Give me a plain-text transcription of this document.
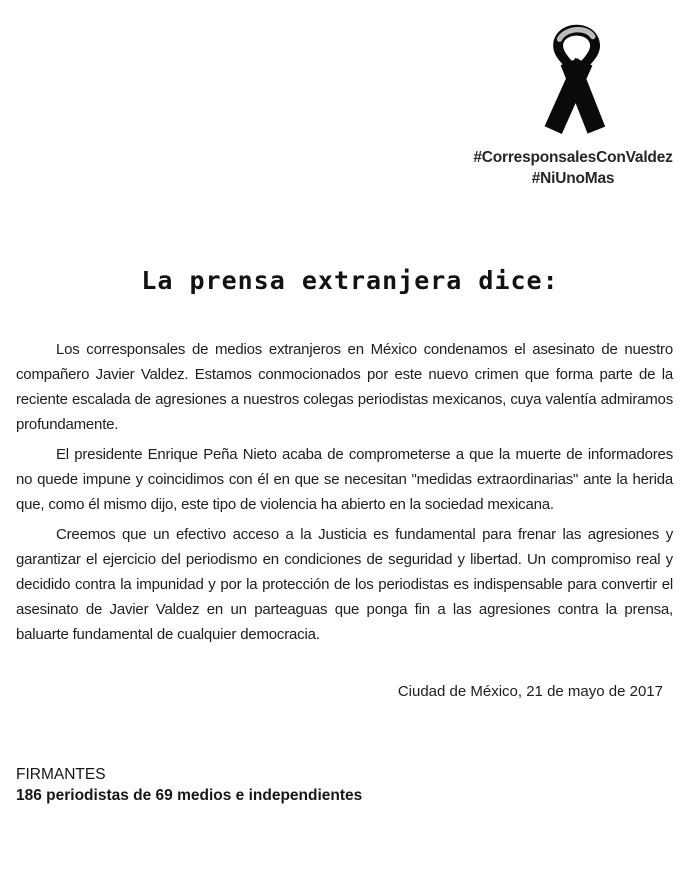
#CorresponsalesConValdez
#NiUnoMas
La prensa extranjera dice:

Los corresponsales de medios extranjeros en México condenamos el asesinato de nuestro compañero Javier Valdez. Estamos conmocionados por este nuevo crimen que forma parte de la reciente escalada de agresiones a nuestros colegas periodistas mexicanos, cuya valentía admiramos profundamente.

El presidente Enrique Peña Nieto acaba de comprometerse a que la muerte de informadores no quede impune y coincidimos con él en que se necesitan "medidas extraordinarias" ante la herida que, como él mismo dijo, este tipo de violencia ha abierto en la sociedad mexicana.

Creemos que un efectivo acceso a la Justicia es fundamental para frenar las agresiones y garantizar el ejercicio del periodismo en condiciones de seguridad y libertad. Un compromiso real y decidido contra la impunidad y por la protección de los periodistas es indispensable para convertir el asesinato de Javier Valdez en un parteaguas que ponga fin a las agresiones contra la prensa, baluarte fundamental de cualquier democracia.

Ciudad de México, 21 de mayo de 2017
FIRMANTES
186 periodistas de 69 medios e independientes
